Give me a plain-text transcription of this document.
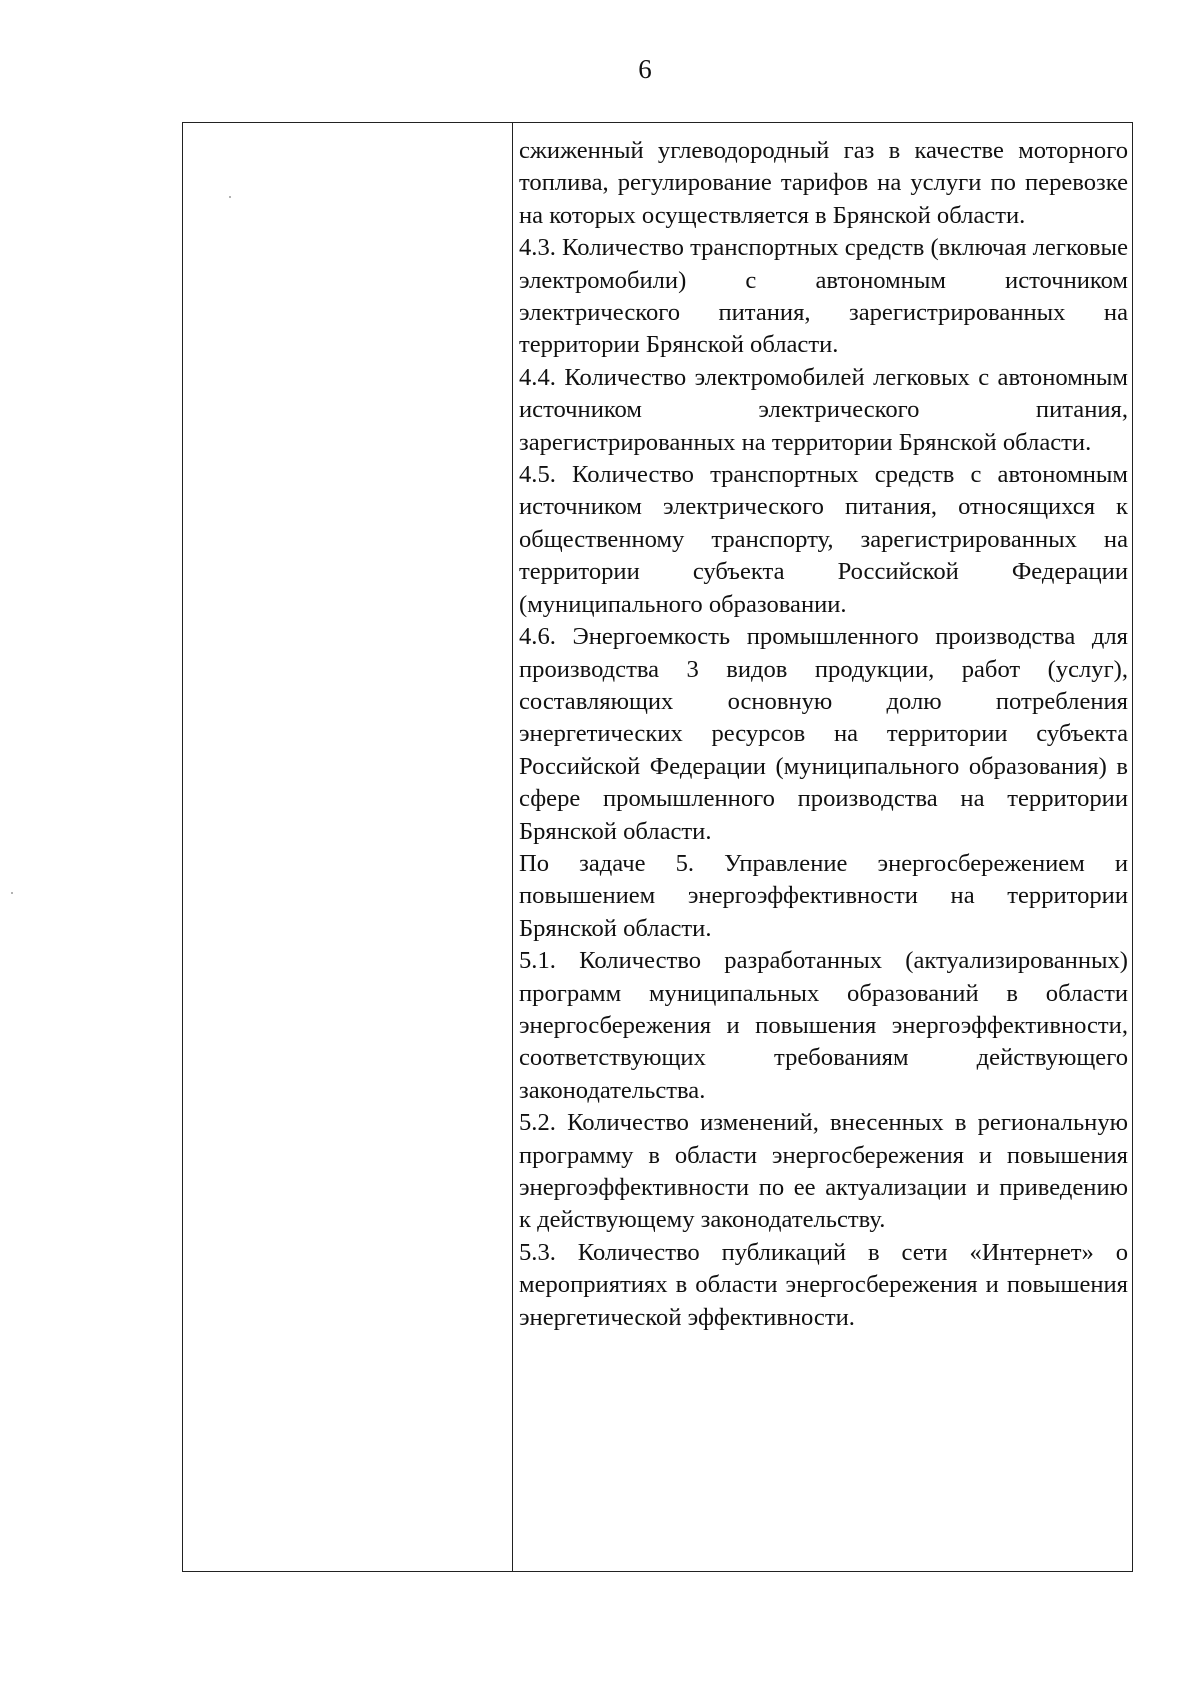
6

сжиженный углеводородный газ в качестве моторного топлива, регулирование тарифов на услуги по перевозке на которых осуществляется в Брянской области.

4.3. Количество транспортных средств (включая легковые электромобили) с автономным источником электрического питания, зарегистрированных на территории Брянской области.

4.4. Количество электромобилей легковых с автономным источником электрического питания, зарегистрированных на территории Брянской области.

4.5. Количество транспортных средств с автономным источником электрического питания, относящихся к общественному транспорту, зарегистрированных на территории субъекта Российской Федерации (муниципального образовании.

4.6. Энергоемкость промышленного производства для производства 3 видов продукции, работ (услуг), составляющих основную долю потребления энергетических ресурсов на территории субъекта Российской Федерации (муниципального образования) в сфере промышленного производства на территории Брянской области.

По задаче 5. Управление энергосбережением и повышением энергоэффективности на территории Брянской области.

5.1. Количество разработанных (актуализированных) программ муниципальных образований в области энергосбережения и повышения энергоэффективности, соответствующих требованиям действующего законодательства.

5.2. Количество изменений, внесенных в региональную программу в области энергосбережения и повышения энергоэффективности по ее актуализации и приведению к действующему законодательству.

5.3. Количество публикаций в сети «Интернет» о мероприятиях в области энергосбережения и повышения энергетической эффективности.
